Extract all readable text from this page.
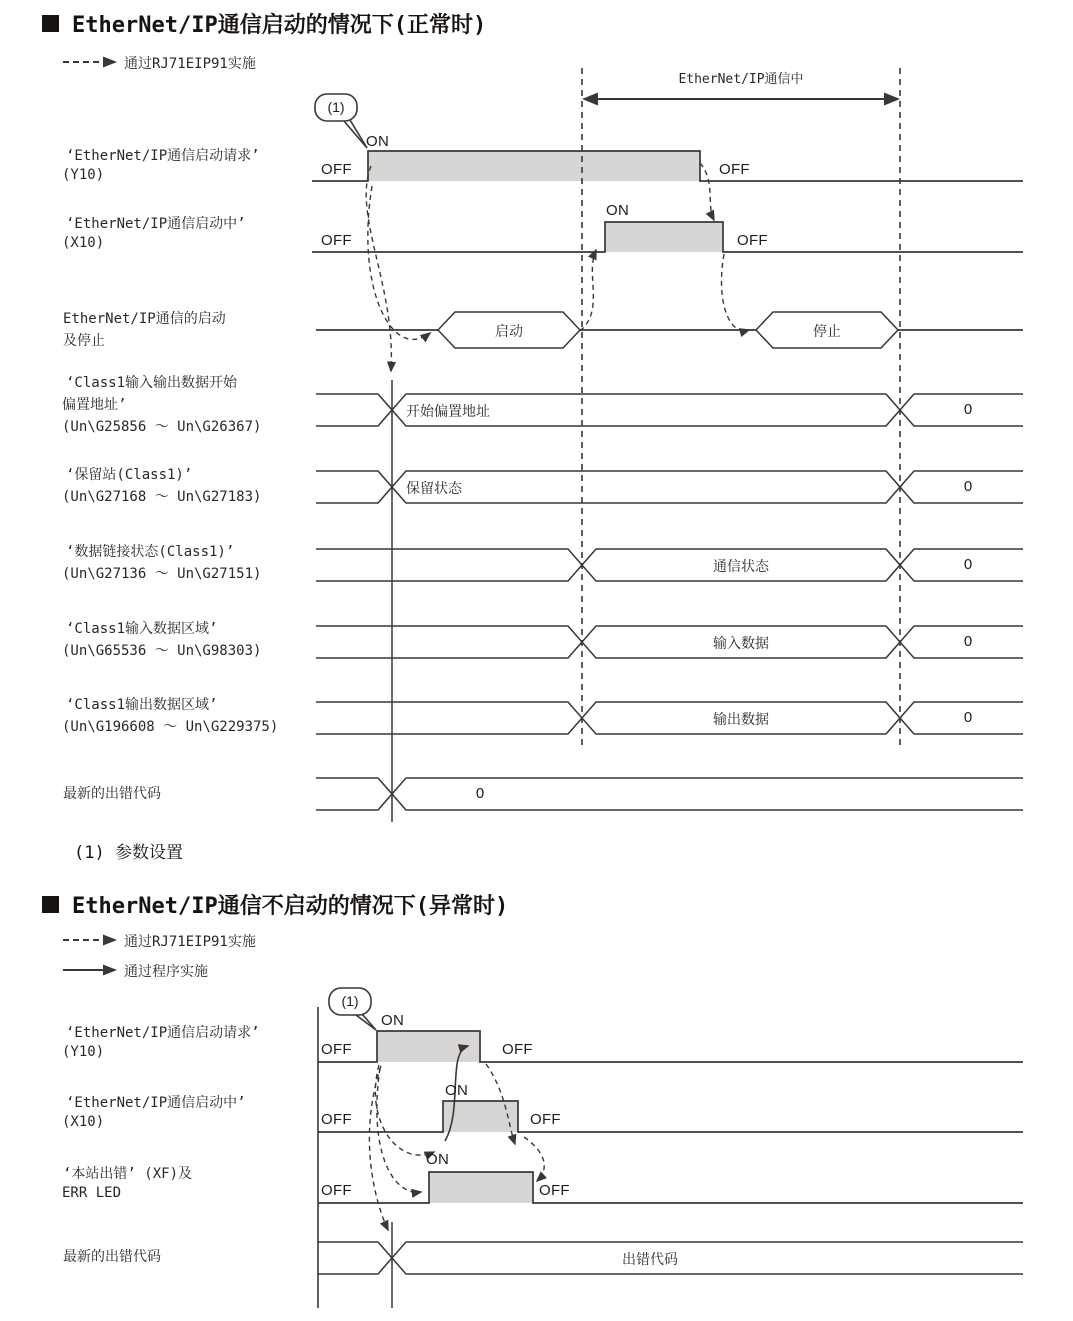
EtherNet/IP通信启动的情况下(正常时)
通过RJ71EIP91实施
EtherNet/IP通信中
(1)
‘EtherNet/IP通信启动请求’
(Y10)
ON
OFF	OFF
‘EtherNet/IP通信启动中’
(X10)
ON
OFF	OFF
EtherNet/IP通信的启动
及停止
启动	停止
‘Class1输入输出数据开始
偏置地址’
(Un\G25856 ～ Un\G26367)
开始偏置地址	0
‘保留站(Class1)’
(Un\G27168 ～ Un\G27183)	保留状态	0
‘数据链接状态(Class1)’
(Un\G27136 ～ Un\G27151)	通信状态	0
‘Class1输入数据区域’
(Un\G65536 ～ Un\G98303)	输入数据	0
‘Class1输出数据区域’
(Un\G196608 ～ Un\G229375)	输出数据	0
最新的出错代码	0
(1) 参数设置
EtherNet/IP通信不启动的情况下(异常时)
通过RJ71EIP91实施
通过程序实施
(1)
‘EtherNet/IP通信启动请求’
(Y10)
ON
OFF	OFF
‘EtherNet/IP通信启动中’
(X10)
ON
OFF	OFF
‘本站出错’ (XF)及
ERR LED
ON
OFF	OFF
最新的出错代码	出错代码
